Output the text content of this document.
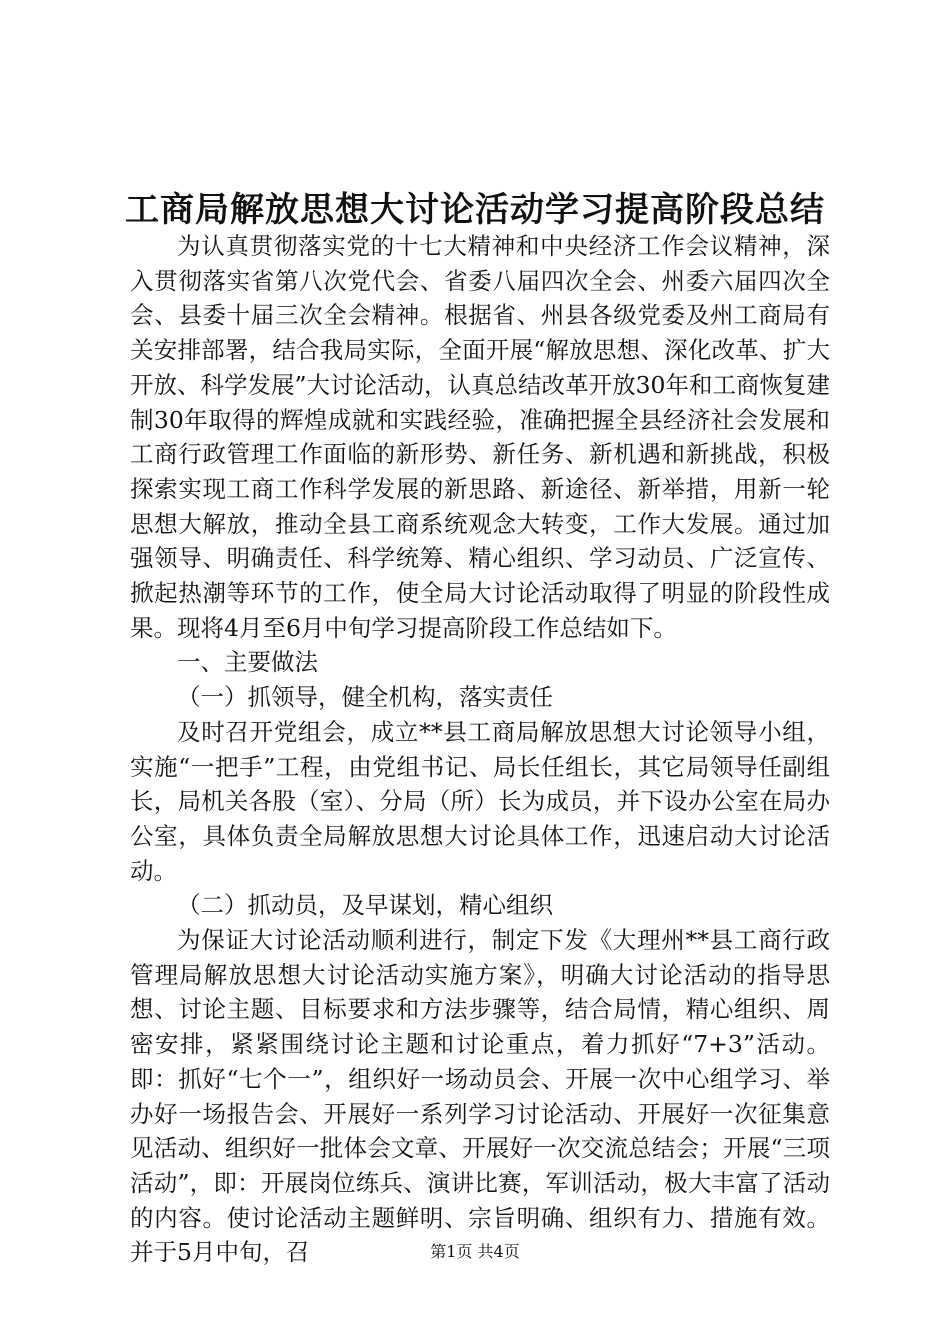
工商局解放思想大讨论活动学习提高阶段总结

为认真贯彻落实党的十七大精神和中央经济工作会议精神，深入贯彻落实省第八次党代会、省委八届四次全会、州委六届四次全会、县委十届三次全会精神。根据省、州县各级党委及州工商局有关安排部署，结合我局实际，全面开展“解放思想、深化改革、扩大开放、科学发展”大讨论活动，认真总结改革开放30年和工商恢复建制30年取得的辉煌成就和实践经验，准确把握全县经济社会发展和工商行政管理工作面临的新形势、新任务、新机遇和新挑战，积极探索实现工商工作科学发展的新思路、新途径、新举措，用新一轮思想大解放，推动全县工商系统观念大转变，工作大发展。通过加强领导、明确责任、科学统筹、精心组织、学习动员、广泛宣传、掀起热潮等环节的工作，使全局大讨论活动取得了明显的阶段性成果。现将4月至6月中旬学习提高阶段工作总结如下。

一、主要做法

（一）抓领导，健全机构，落实责任

及时召开党组会，成立**县工商局解放思想大讨论领导小组，实施“一把手”工程，由党组书记、局长任组长，其它局领导任副组长，局机关各股（室）、分局（所）长为成员，并下设办公室在局办公室，具体负责全局解放思想大讨论具体工作，迅速启动大讨论活动。

（二）抓动员，及早谋划，精心组织

为保证大讨论活动顺利进行，制定下发《大理州**县工商行政管理局解放思想大讨论活动实施方案》，明确大讨论活动的指导思想、讨论主题、目标要求和方法步骤等，结合局情，精心组织、周密安排，紧紧围绕讨论主题和讨论重点，着力抓好“7+3”活动。即：抓好“七个一”，组织好一场动员会、开展一次中心组学习、举办好一场报告会、开展好一系列学习讨论活动、开展好一次征集意见活动、组织好一批体会文章、开展好一次交流总结会；开展“三项活动”，即：开展岗位练兵、演讲比赛，军训活动，极大丰富了活动的内容。使讨论活动主题鲜明、宗旨明确、组织有力、措施有效。并于5月中旬，召	第1页 共4页
